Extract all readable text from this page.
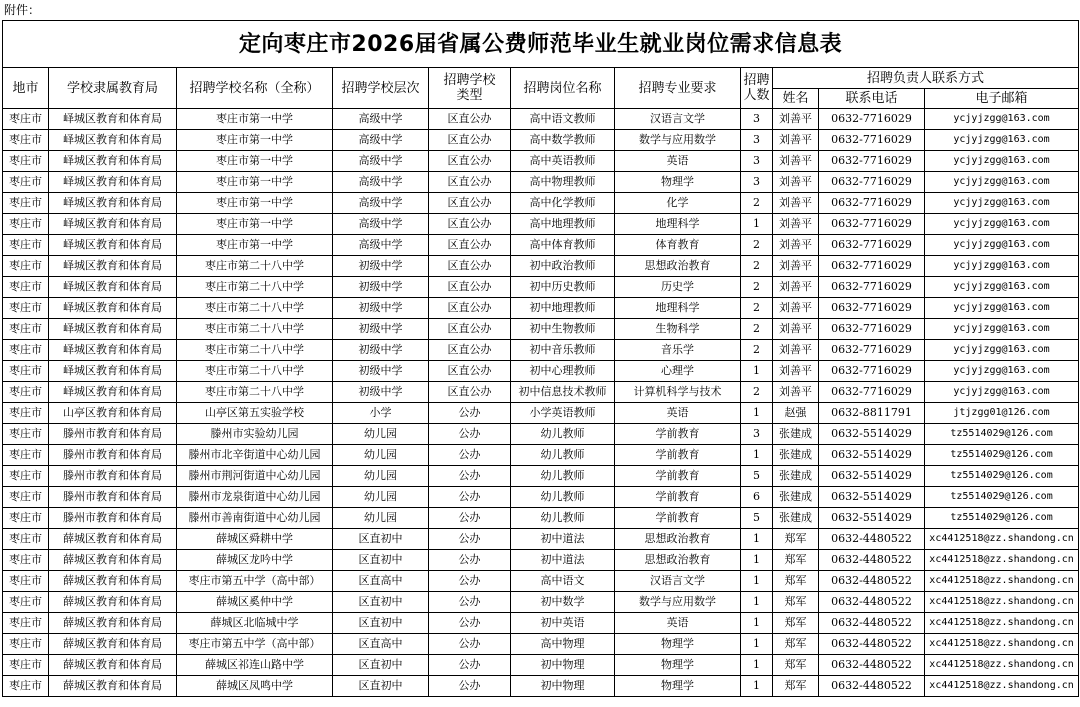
附件：
定向枣庄市2026届省属公费师范毕业生就业岗位需求信息表										
地市	学校隶属教育局	招聘学校名称（全称）	招聘学校层次	招聘学校类型	招聘岗位名称	招聘专业要求	招聘人数	招聘负责人联系方式		
								姓名	联系电话	电子邮箱
枣庄市	峄城区教育和体育局	枣庄市第一中学	高级中学	区直公办	高中语文教师	汉语言文学	3	刘善平	0632-7716029	ycjyjzgg@163.com
枣庄市	峄城区教育和体育局	枣庄市第一中学	高级中学	区直公办	高中数学教师	数学与应用数学	3	刘善平	0632-7716029	ycjyjzgg@163.com
枣庄市	峄城区教育和体育局	枣庄市第一中学	高级中学	区直公办	高中英语教师	英语	3	刘善平	0632-7716029	ycjyjzgg@163.com
枣庄市	峄城区教育和体育局	枣庄市第一中学	高级中学	区直公办	高中物理教师	物理学	3	刘善平	0632-7716029	ycjyjzgg@163.com
枣庄市	峄城区教育和体育局	枣庄市第一中学	高级中学	区直公办	高中化学教师	化学	2	刘善平	0632-7716029	ycjyjzgg@163.com
枣庄市	峄城区教育和体育局	枣庄市第一中学	高级中学	区直公办	高中地理教师	地理科学	1	刘善平	0632-7716029	ycjyjzgg@163.com
枣庄市	峄城区教育和体育局	枣庄市第一中学	高级中学	区直公办	高中体育教师	体育教育	2	刘善平	0632-7716029	ycjyjzgg@163.com
枣庄市	峄城区教育和体育局	枣庄市第二十八中学	初级中学	区直公办	初中政治教师	思想政治教育	2	刘善平	0632-7716029	ycjyjzgg@163.com
枣庄市	峄城区教育和体育局	枣庄市第二十八中学	初级中学	区直公办	初中历史教师	历史学	2	刘善平	0632-7716029	ycjyjzgg@163.com
枣庄市	峄城区教育和体育局	枣庄市第二十八中学	初级中学	区直公办	初中地理教师	地理科学	2	刘善平	0632-7716029	ycjyjzgg@163.com
枣庄市	峄城区教育和体育局	枣庄市第二十八中学	初级中学	区直公办	初中生物教师	生物科学	2	刘善平	0632-7716029	ycjyjzgg@163.com
枣庄市	峄城区教育和体育局	枣庄市第二十八中学	初级中学	区直公办	初中音乐教师	音乐学	2	刘善平	0632-7716029	ycjyjzgg@163.com
枣庄市	峄城区教育和体育局	枣庄市第二十八中学	初级中学	区直公办	初中心理教师	心理学	1	刘善平	0632-7716029	ycjyjzgg@163.com
枣庄市	峄城区教育和体育局	枣庄市第二十八中学	初级中学	区直公办	初中信息技术教师	计算机科学与技术	2	刘善平	0632-7716029	ycjyjzgg@163.com
枣庄市	山亭区教育和体育局	山亭区第五实验学校	小学	公办	小学英语教师	英语	1	赵强	0632-8811791	jtjzgg01@126.com
枣庄市	滕州市教育和体育局	滕州市实验幼儿园	幼儿园	公办	幼儿教师	学前教育	3	张建成	0632-5514029	tz5514029@126.com
枣庄市	滕州市教育和体育局	滕州市北辛街道中心幼儿园	幼儿园	公办	幼儿教师	学前教育	1	张建成	0632-5514029	tz5514029@126.com
枣庄市	滕州市教育和体育局	滕州市荆河街道中心幼儿园	幼儿园	公办	幼儿教师	学前教育	5	张建成	0632-5514029	tz5514029@126.com
枣庄市	滕州市教育和体育局	滕州市龙泉街道中心幼儿园	幼儿园	公办	幼儿教师	学前教育	6	张建成	0632-5514029	tz5514029@126.com
枣庄市	滕州市教育和体育局	滕州市善南街道中心幼儿园	幼儿园	公办	幼儿教师	学前教育	5	张建成	0632-5514029	tz5514029@126.com
枣庄市	薛城区教育和体育局	薛城区舜耕中学	区直初中	公办	初中道法	思想政治教育	1	郑军	0632-4480522	xc4412518@zz.shandong.cn
枣庄市	薛城区教育和体育局	薛城区龙吟中学	区直初中	公办	初中道法	思想政治教育	1	郑军	0632-4480522	xc4412518@zz.shandong.cn
枣庄市	薛城区教育和体育局	枣庄市第五中学（高中部）	区直高中	公办	高中语文	汉语言文学	1	郑军	0632-4480522	xc4412518@zz.shandong.cn
枣庄市	薛城区教育和体育局	薛城区奚仲中学	区直初中	公办	初中数学	数学与应用数学	1	郑军	0632-4480522	xc4412518@zz.shandong.cn
枣庄市	薛城区教育和体育局	薛城区北临城中学	区直初中	公办	初中英语	英语	1	郑军	0632-4480522	xc4412518@zz.shandong.cn
枣庄市	薛城区教育和体育局	枣庄市第五中学（高中部）	区直高中	公办	高中物理	物理学	1	郑军	0632-4480522	xc4412518@zz.shandong.cn
枣庄市	薛城区教育和体育局	薛城区祁连山路中学	区直初中	公办	初中物理	物理学	1	郑军	0632-4480522	xc4412518@zz.shandong.cn
枣庄市	薛城区教育和体育局	薛城区凤鸣中学	区直初中	公办	初中物理	物理学	1	郑军	0632-4480522	xc4412518@zz.shandong.cn
